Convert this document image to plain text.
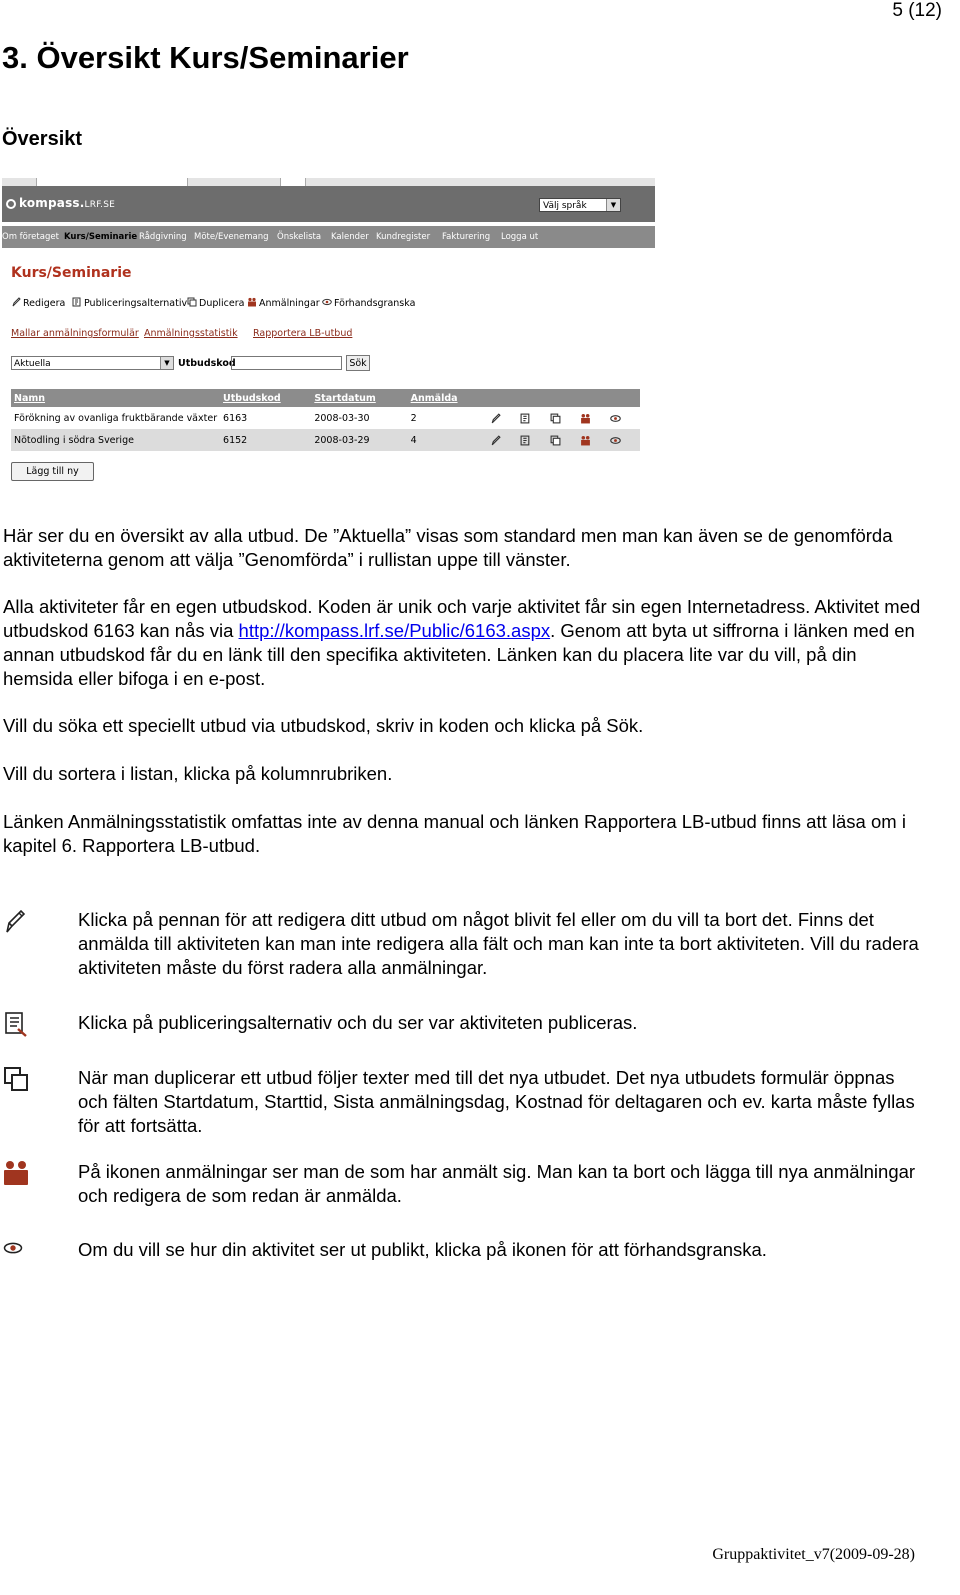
5 (12)
3. Översikt Kurs/Seminarier
Översikt
kompass.LRF.SE	Välj språk	▼
Om företaget Kurs/Seminarie Rådgivning Möte/Evenemang Önskelista Kalender Kundregister Fakturering Logga ut
Kurs/Seminarie
Redigera	Publiceringsalternativ	Duplicera	Anmälningar	Förhandsgranska
Mallar anmälningsformulär Anmälningsstatistik Rapportera LB-utbud
Aktuella	▼ Utbudskod	Sök
Namn	Utbudskod	Startdatum	Anmälda	
Förökning av ovanliga fruktbärande växter	6163	2008-03-30	2	
Nötodling i södra Sverige	6152	2008-03-29	4	
Lägg till ny

Här ser du en översikt av alla utbud. De ”Aktuella” visas som standard men man kan även se de genomförda aktiviteterna genom att välja ”Genomförda” i rullistan uppe till vänster.

Alla aktiviteter får en egen utbudskod. Koden är unik och varje aktivitet får sin egen Internetadress. Aktivitet med utbudskod 6163 kan nås via http://kompass.lrf.se/Public/6163.aspx. Genom att byta ut siffrorna i länken med en annan utbudskod får du en länk till den specifika aktiviteten. Länken kan du placera lite var du vill, på din hemsida eller bifoga i en e-post.

Vill du söka ett speciellt utbud via utbudskod, skriv in koden och klicka på Sök.

Vill du sortera i listan, klicka på kolumnrubriken.

Länken Anmälningsstatistik omfattas inte av denna manual och länken Rapportera LB-utbud finns att läsa om i kapitel 6. Rapportera LB-utbud.

Klicka på pennan för att redigera ditt utbud om något blivit fel eller om du vill ta bort det. Finns det anmälda till aktiviteten kan man inte redigera alla fält och man kan inte ta bort aktiviteten. Vill du radera aktiviteten måste du först radera alla anmälningar.

Klicka på publiceringsalternativ och du ser var aktiviteten publiceras.

När man duplicerar ett utbud följer texter med till det nya utbudet. Det nya utbudets formulär öppnas och fälten Startdatum, Starttid, Sista anmälningsdag, Kostnad för deltagaren och ev. karta måste fyllas för att fortsätta.

På ikonen anmälningar ser man de som har anmält sig. Man kan ta bort och lägga till nya anmälningar och redigera de som redan är anmälda.

Om du vill se hur din aktivitet ser ut publikt, klicka på ikonen för att förhandsgranska.

Gruppaktivitet_v7(2009-09-28)
